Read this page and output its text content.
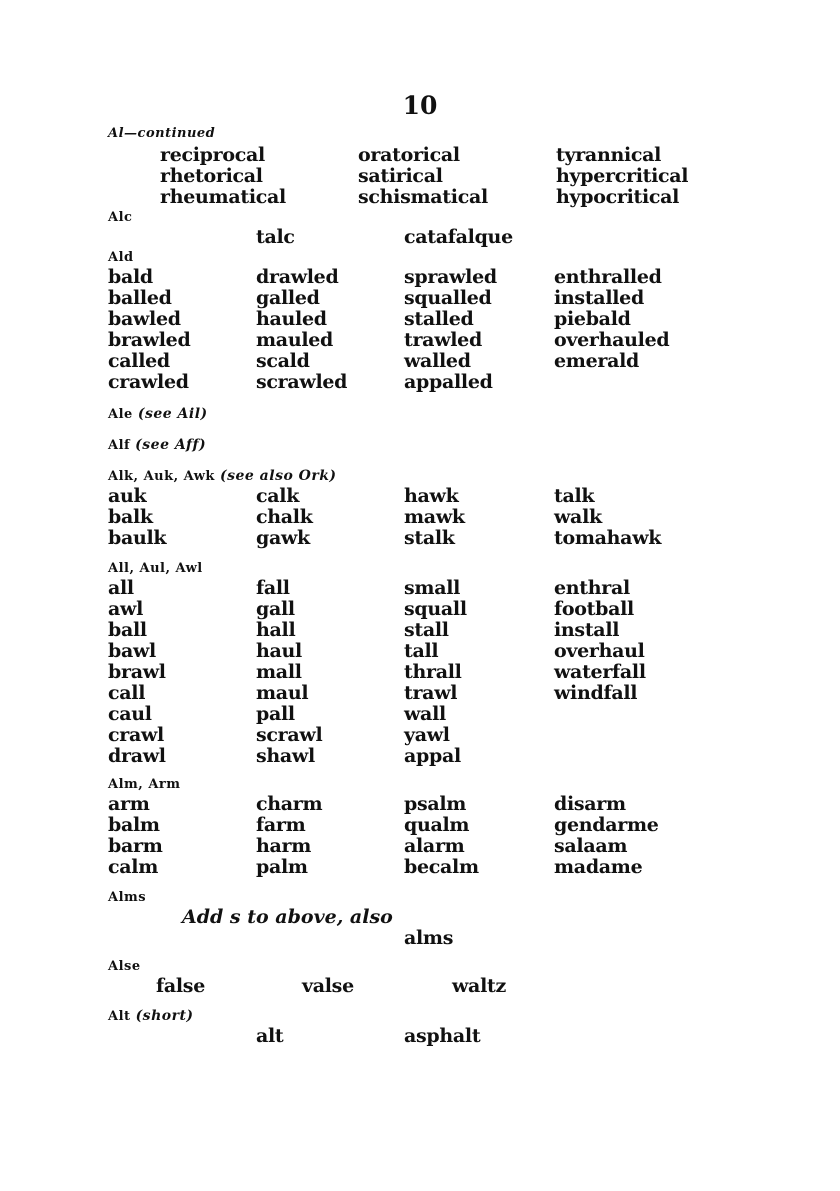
10
Al—continued
reciprocal	oratorical	tyrannical
rhetorical	satirical	hypercritical
rheumatical	schismatical	hypocritical
Alc
talc	catafalque
Ald
bald	drawled	sprawled	enthralled
balled	galled	squalled	installed
bawled	hauled	stalled	piebald
brawled	mauled	trawled	overhauled
called	scald	walled	emerald
crawled	scrawled	appalled
Ale (see Ail)
Alf (see Aff)
Alk, Auk, Awk (see also Ork)
auk	calk	hawk	talk
balk	chalk	mawk	walk
baulk	gawk	stalk	tomahawk
All, Aul, Awl
all	fall	small	enthral
awl	gall	squall	football
ball	hall	stall	install
bawl	haul	tall	overhaul
brawl	mall	thrall	waterfall
call	maul	trawl	windfall
caul	pall	wall
crawl	scrawl	yawl
drawl	shawl	appal
Alm, Arm
arm	charm	psalm	disarm
balm	farm	qualm	gendarme
barm	harm	alarm	salaam
calm	palm	becalm	madame
Alms
Add s to above, also
alms
Alse
false	valse	waltz
Alt (short)
alt	asphalt
